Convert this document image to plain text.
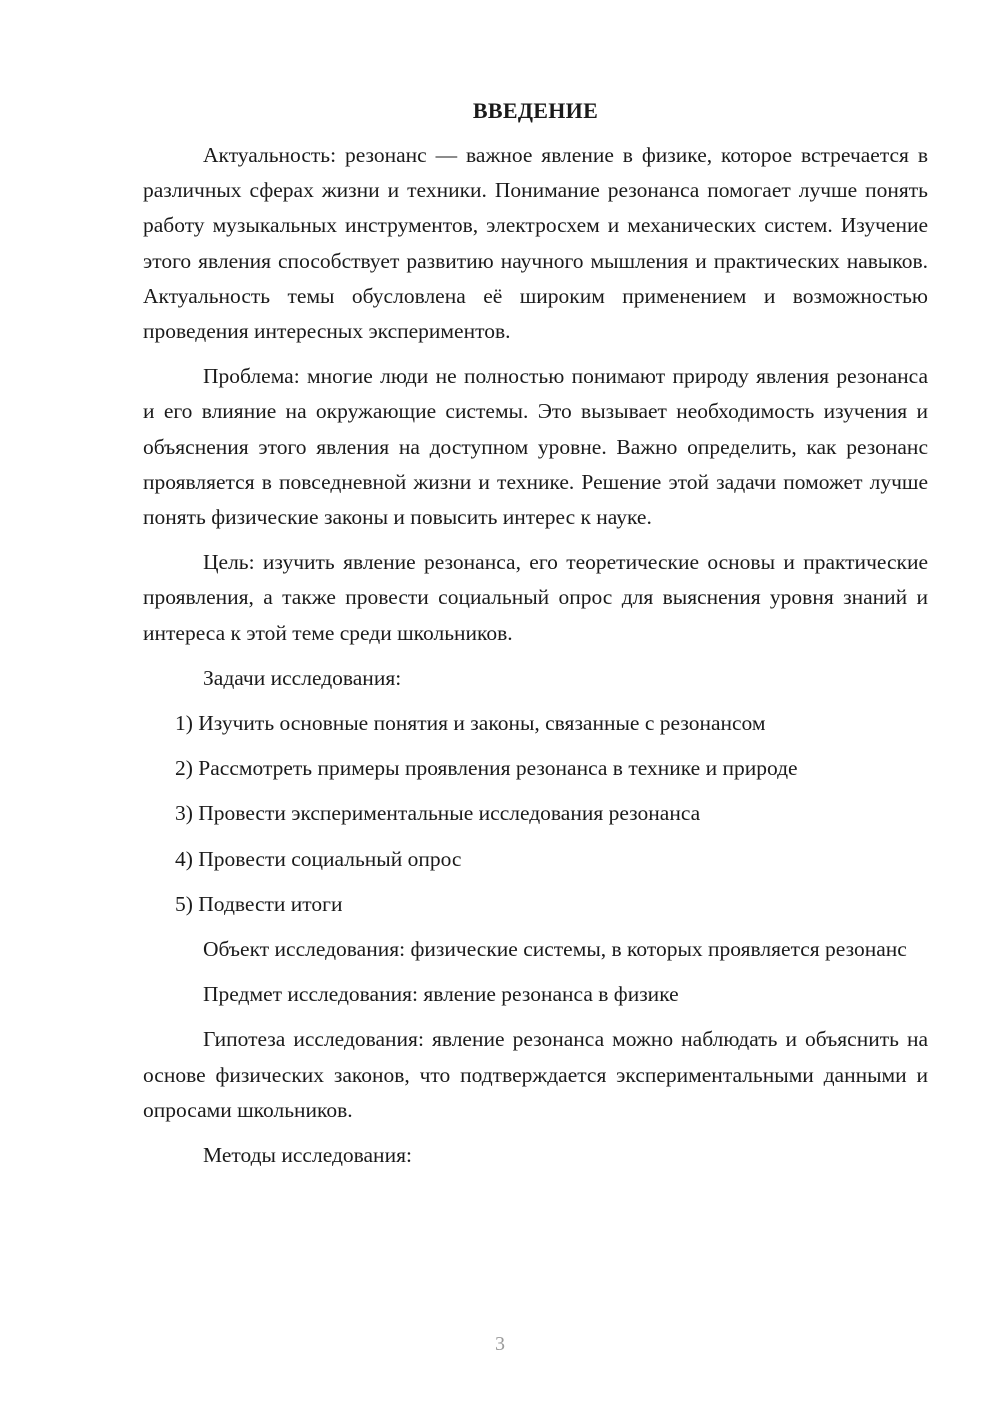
ВВЕДЕНИЕ

Актуальность: резонанс — важное явление в физике, которое встречается в различных сферах жизни и техники. Понимание резонанса помогает лучше понять работу музыкальных инструментов, электросхем и механических систем. Изучение этого явления способствует развитию научного мышления и практических навыков. Актуальность темы обусловлена её широким применением и возможностью проведения интересных экспериментов.

Проблема: многие люди не полностью понимают природу явления резонанса и его влияние на окружающие системы. Это вызывает необходимость изучения и объяснения этого явления на доступном уровне. Важно определить, как резонанс проявляется в повседневной жизни и технике. Решение этой задачи поможет лучше понять физические законы и повысить интерес к науке.

Цель: изучить явление резонанса, его теоретические основы и практические проявления, а также провести социальный опрос для выяснения уровня знаний и интереса к этой теме среди школьников.

Задачи исследования:

1) Изучить основные понятия и законы, связанные с резонансом
2) Рассмотреть примеры проявления резонанса в технике и природе
3) Провести экспериментальные исследования резонанса
4) Провести социальный опрос
5) Подвести итоги

Объект исследования: физические системы, в которых проявляется резонанс

Предмет исследования: явление резонанса в физике

Гипотеза исследования: явление резонанса можно наблюдать и объяснить на основе физических законов, что подтверждается экспериментальными данными и опросами школьников.

Методы исследования:

3
